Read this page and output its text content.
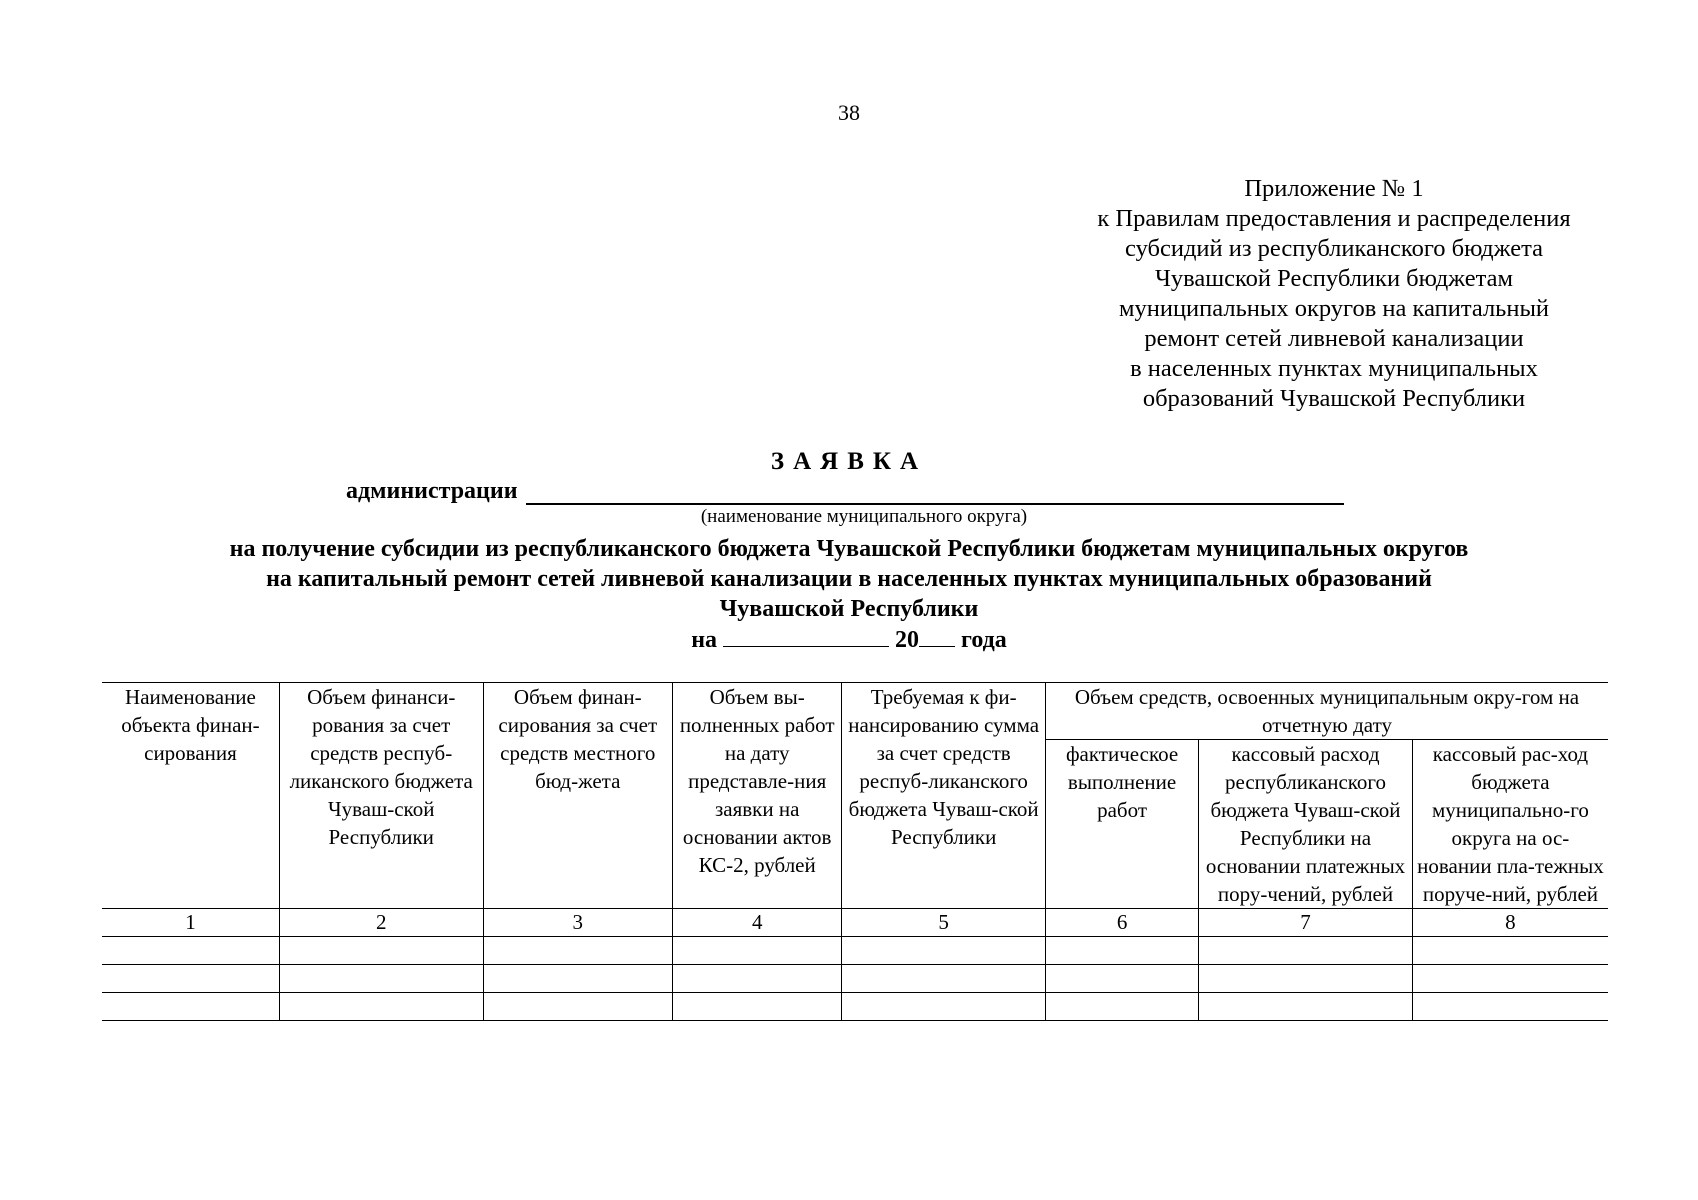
38
Приложение № 1
к Правилам предоставления и распределения
субсидий из республиканского бюджета
Чувашской Республики бюджетам
муниципальных округов на капитальный
ремонт сетей ливневой канализации
в населенных пунктах муниципальных
образований Чувашской Республики
ЗАЯВКА
администрации
(наименование муниципального округа)
на получение субсидии из республиканского бюджета Чувашской Республики бюджетам муниципальных округов
на капитальный ремонт сетей ливневой канализации в населенных пунктах муниципальных образований
Чувашской Республики
на	20 года
Наименование объекта финан-сирования	Объем финанси-рования за счет средств респуб-ликанского бюджета Чуваш-ской Республики	Объем финан-сирования за счет средств местного бюд-жета	Объем вы-полненных работ на дату представле-ния заявки на основании актов КС-2, рублей	Требуемая к фи-нансированию сумма за счет средств респуб-ликанского бюджета Чуваш-ской Республики	Объем средств, освоенных муниципальным окру-гом на отчетную дату		
					фактическое выполнение работ	кассовый расход республиканского бюджета Чуваш-ской Республики на основании платежных пору-чений, рублей	кассовый рас-ход бюджета муниципально-го округа на ос-новании пла-тежных поруче-ний, рублей
1	2	3	4	5	6	7	8
